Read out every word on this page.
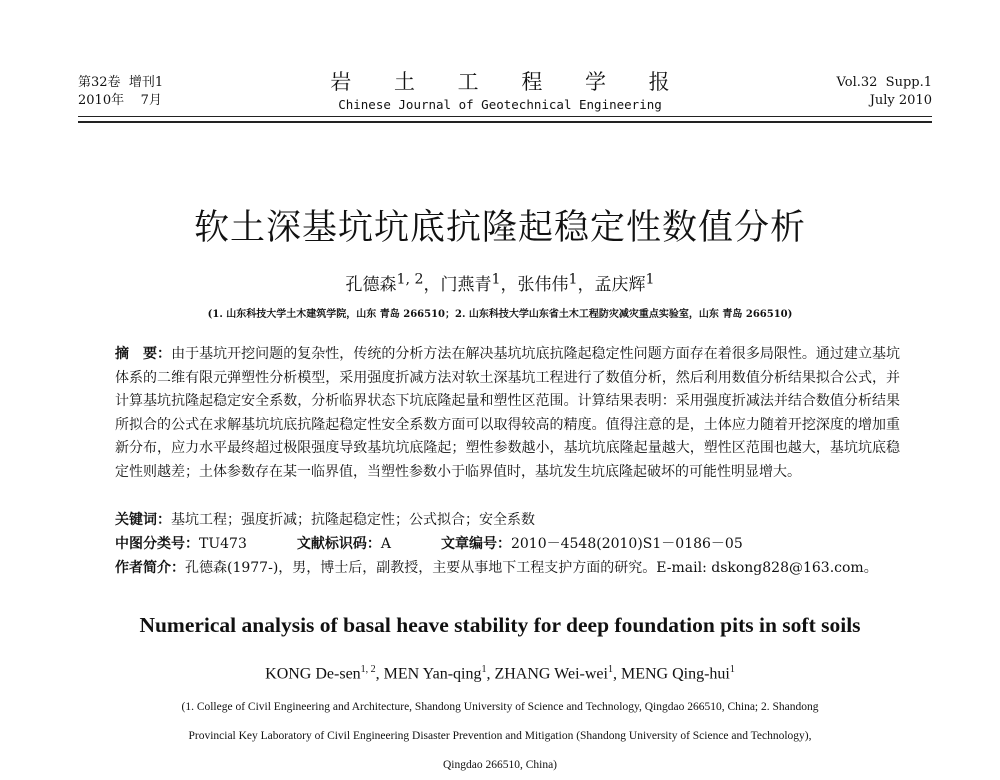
第32卷 增刊1
2010年 7月
岩 土 工 程 学 报
Chinese Journal of Geotechnical Engineering
Vol.32 Supp.1
July 2010
软土深基坑坑底抗隆起稳定性数值分析
孔德森$^{1, 2}$，门燕青$^1$，张伟伟$^1$，孟庆辉$^1$
(1. 山东科技大学土木建筑学院，山东 青岛 266510；2. 山东科技大学山东省土木工程防灾减灾重点实验室，山东 青岛 266510)
摘　要：由于基坑开挖问题的复杂性，传统的分析方法在解决基坑坑底抗隆起稳定性问题方面存在着很多局限性。通过建立基坑体系的二维有限元弹塑性分析模型，采用强度折减方法对软土深基坑工程进行了数值分析，然后利用数值分析结果拟合公式，并计算基坑抗隆起稳定安全系数，分析临界状态下坑底隆起量和塑性区范围。计算结果表明：采用强度折减法并结合数值分析结果所拟合的公式在求解基坑坑底抗隆起稳定性安全系数方面可以取得较高的精度。值得注意的是，土体应力随着开挖深度的增加重新分布，应力水平最终超过极限强度导致基坑坑底隆起；塑性参数越小，基坑坑底隆起量越大，塑性区范围也越大，基坑坑底稳定性则越差；土体参数存在某一临界值，当塑性参数小于临界值时，基坑发生坑底隆起破坏的可能性明显增大。
关键词：基坑工程；强度折减；抗隆起稳定性；公式拟合；安全系数
中图分类号：TU473	文献标识码：A	文章编号：2010－4548(2010)S1－0186－05
作者简介：孔德森(1977-)，男，博士后，副教授，主要从事地下工程支护方面的研究。E-mail: dskong828@163.com。
Numerical analysis of basal heave stability for deep foundation pits in soft soils
KONG De-sen$^{1, 2}$, MEN Yan-qing$^1$, ZHANG Wei-wei$^1$, MENG Qing-hui$^1$
(1. College of Civil Engineering and Architecture, Shandong University of Science and Technology, Qingdao 266510, China; 2. Shandong
Provincial Key Laboratory of Civil Engineering Disaster Prevention and Mitigation (Shandong University of Science and Technology),
Qingdao 266510, China)
